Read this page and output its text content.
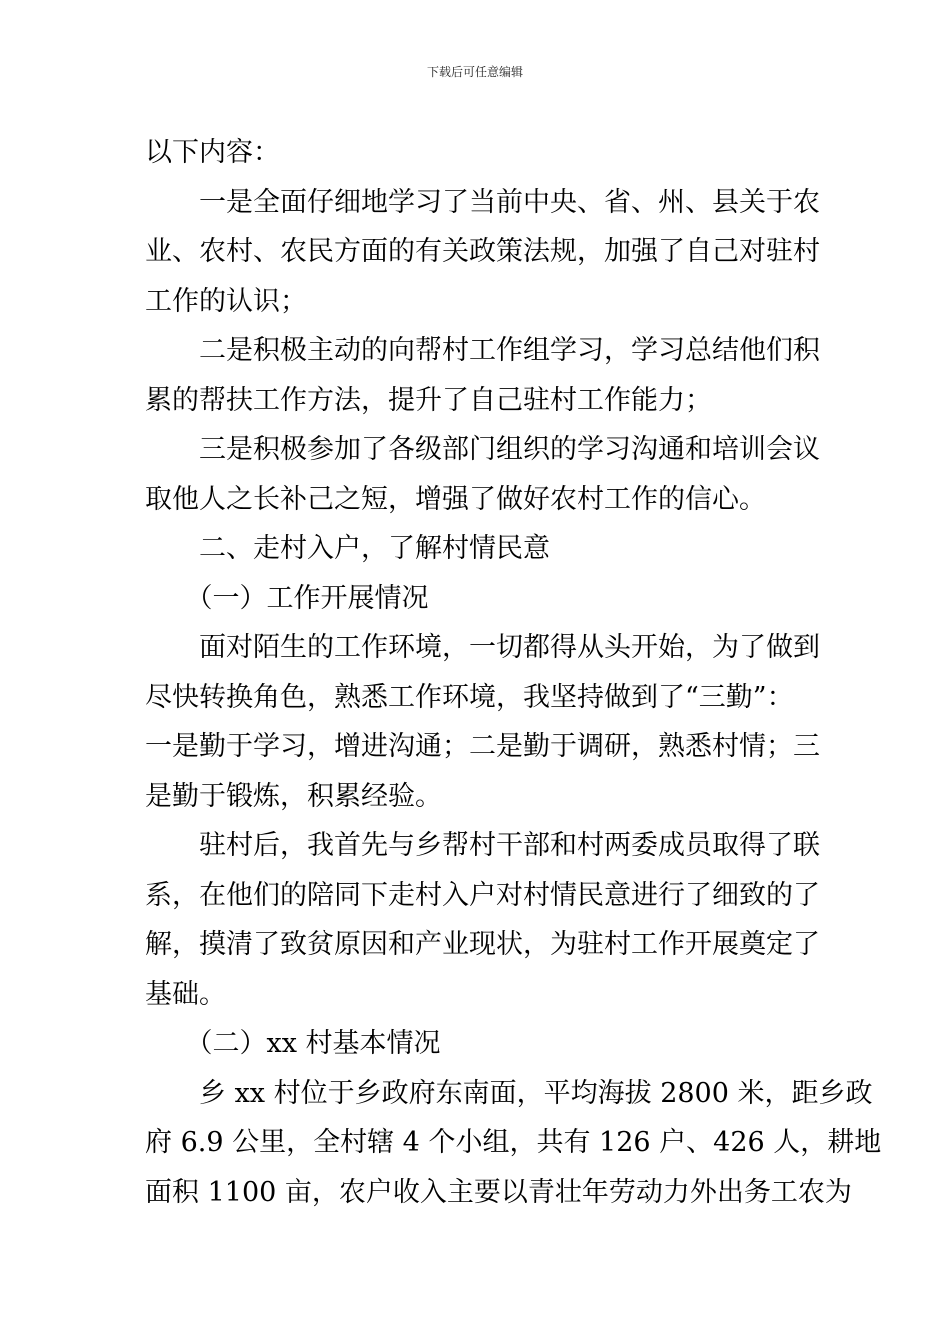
下载后可任意编辑
以下内容：
　　一是全面仔细地学习了当前中央、省、州、县关于农
业、农村、农民方面的有关政策法规，加强了自己对驻村
工作的认识；
　　二是积极主动的向帮村工作组学习，学习总结他们积
累的帮扶工作方法，提升了自己驻村工作能力；
　　三是积极参加了各级部门组织的学习沟通和培训会议
取他人之长补己之短，增强了做好农村工作的信心。
　　二、走村入户，了解村情民意
　　（一）工作开展情况
　　面对陌生的工作环境，一切都得从头开始，为了做到
尽快转换角色，熟悉工作环境，我坚持做到了“三勤”：
一是勤于学习，增进沟通；二是勤于调研，熟悉村情；三
是勤于锻炼，积累经验。
　　驻村后，我首先与乡帮村干部和村两委成员取得了联
系，在他们的陪同下走村入户对村情民意进行了细致的了
解，摸清了致贫原因和产业现状，为驻村工作开展奠定了
基础。
　　（二）xx 村基本情况
　　乡 xx 村位于乡政府东南面，平均海拔 2800 米，距乡政
府 6.9 公里，全村辖 4 个小组，共有 126 户、426 人，耕地
面积 1100 亩，农户收入主要以青壮年劳动力外出务工农为
